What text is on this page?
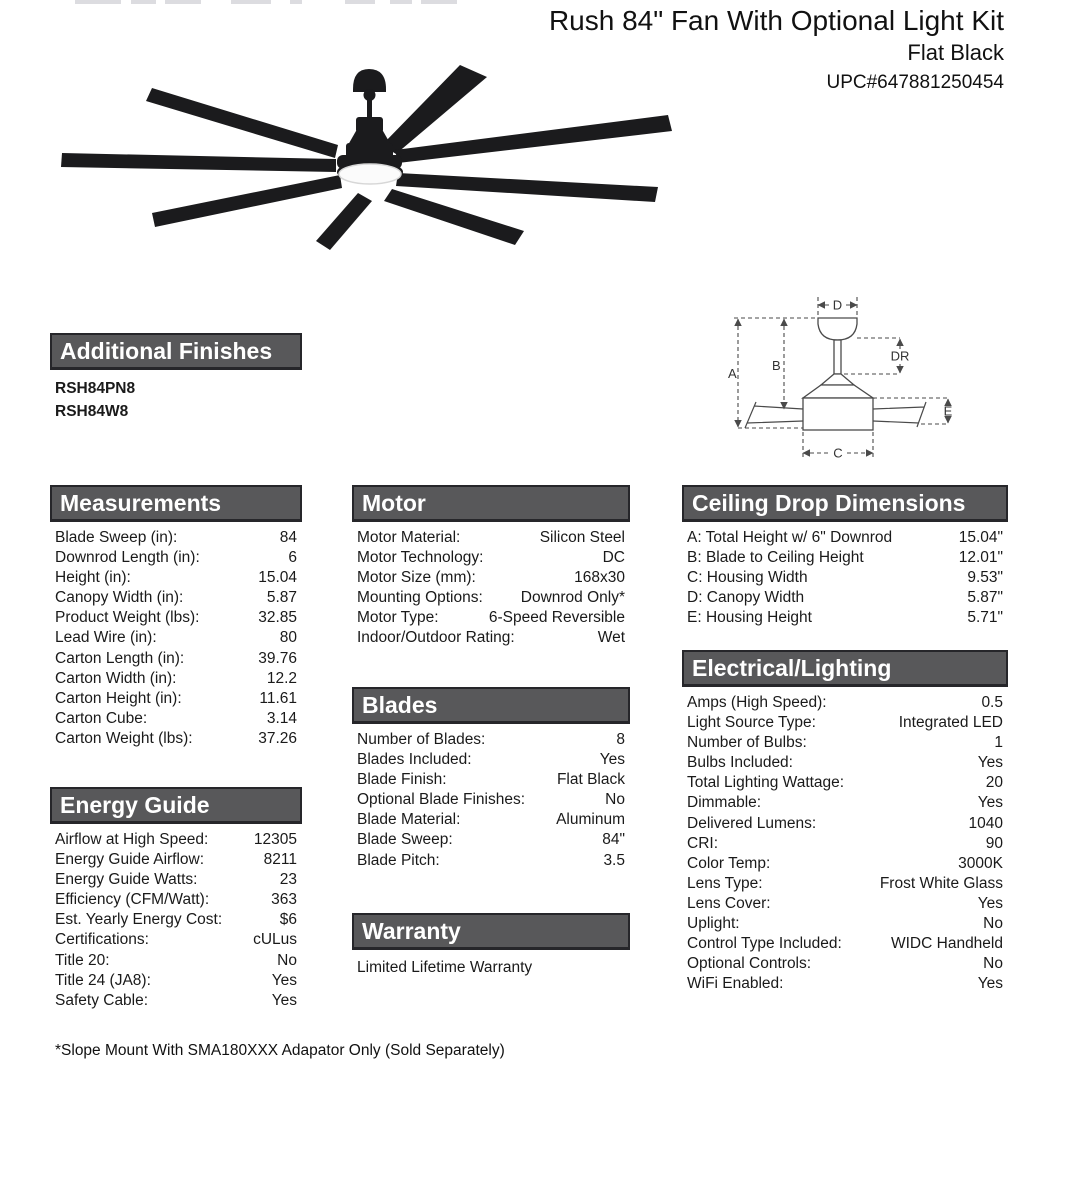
Rush 84" Fan With Optional Light Kit
Flat Black
UPC#647881250454
D
A
B
DR
E
C
Additional Finishes
RSH84PN8
RSH84W8
Measurements
Blade Sweep (in):	84
Downrod Length (in):	6
Height (in):	15.04
Canopy Width (in):	5.87
Product Weight (lbs):	32.85
Lead Wire (in):	80
Carton Length (in):	39.76
Carton Width (in):	12.2
Carton Height (in):	11.61
Carton Cube:	3.14
Carton Weight (lbs):	37.26
Energy Guide
Airflow at High Speed:	12305
Energy Guide Airflow:	8211
Energy Guide Watts:	23
Efficiency (CFM/Watt):	363
Est. Yearly Energy Cost:	$6
Certifications:	cULus
Title 20:	No
Title 24 (JA8):	Yes
Safety Cable:	Yes
Motor
Motor Material:	Silicon Steel
Motor Technology:	DC
Motor Size (mm):	168x30
Mounting Options: Downrod Only*
Motor Type:	6-Speed Reversible
Indoor/Outdoor Rating:	Wet
Blades
Number of Blades:	8
Blades Included:	Yes
Blade Finish:	Flat Black
Optional Blade Finishes:	No
Blade Material:	Aluminum
Blade Sweep:	84"
Blade Pitch:	3.5
Warranty
Limited Lifetime Warranty
Ceiling Drop Dimensions
A: Total Height w/ 6" Downrod	15.04"
B: Blade to Ceiling Height	12.01"
C: Housing Width	9.53"
D: Canopy Width	5.87"
E: Housing Height	5.71"
Electrical/Lighting
Amps (High Speed):	0.5
Light Source Type:	Integrated LED
Number of Bulbs:	1
Bulbs Included:	Yes
Total Lighting Wattage:	20
Dimmable:	Yes
Delivered Lumens:	1040
CRI:	90
Color Temp:	3000K
Lens Type:	Frost White Glass
Lens Cover:	Yes
Uplight:	No
Control Type Included:	WIDC Handheld
Optional Controls:	No
WiFi Enabled:	Yes
*Slope Mount With SMA180XXX Adapator Only (Sold Separately)
